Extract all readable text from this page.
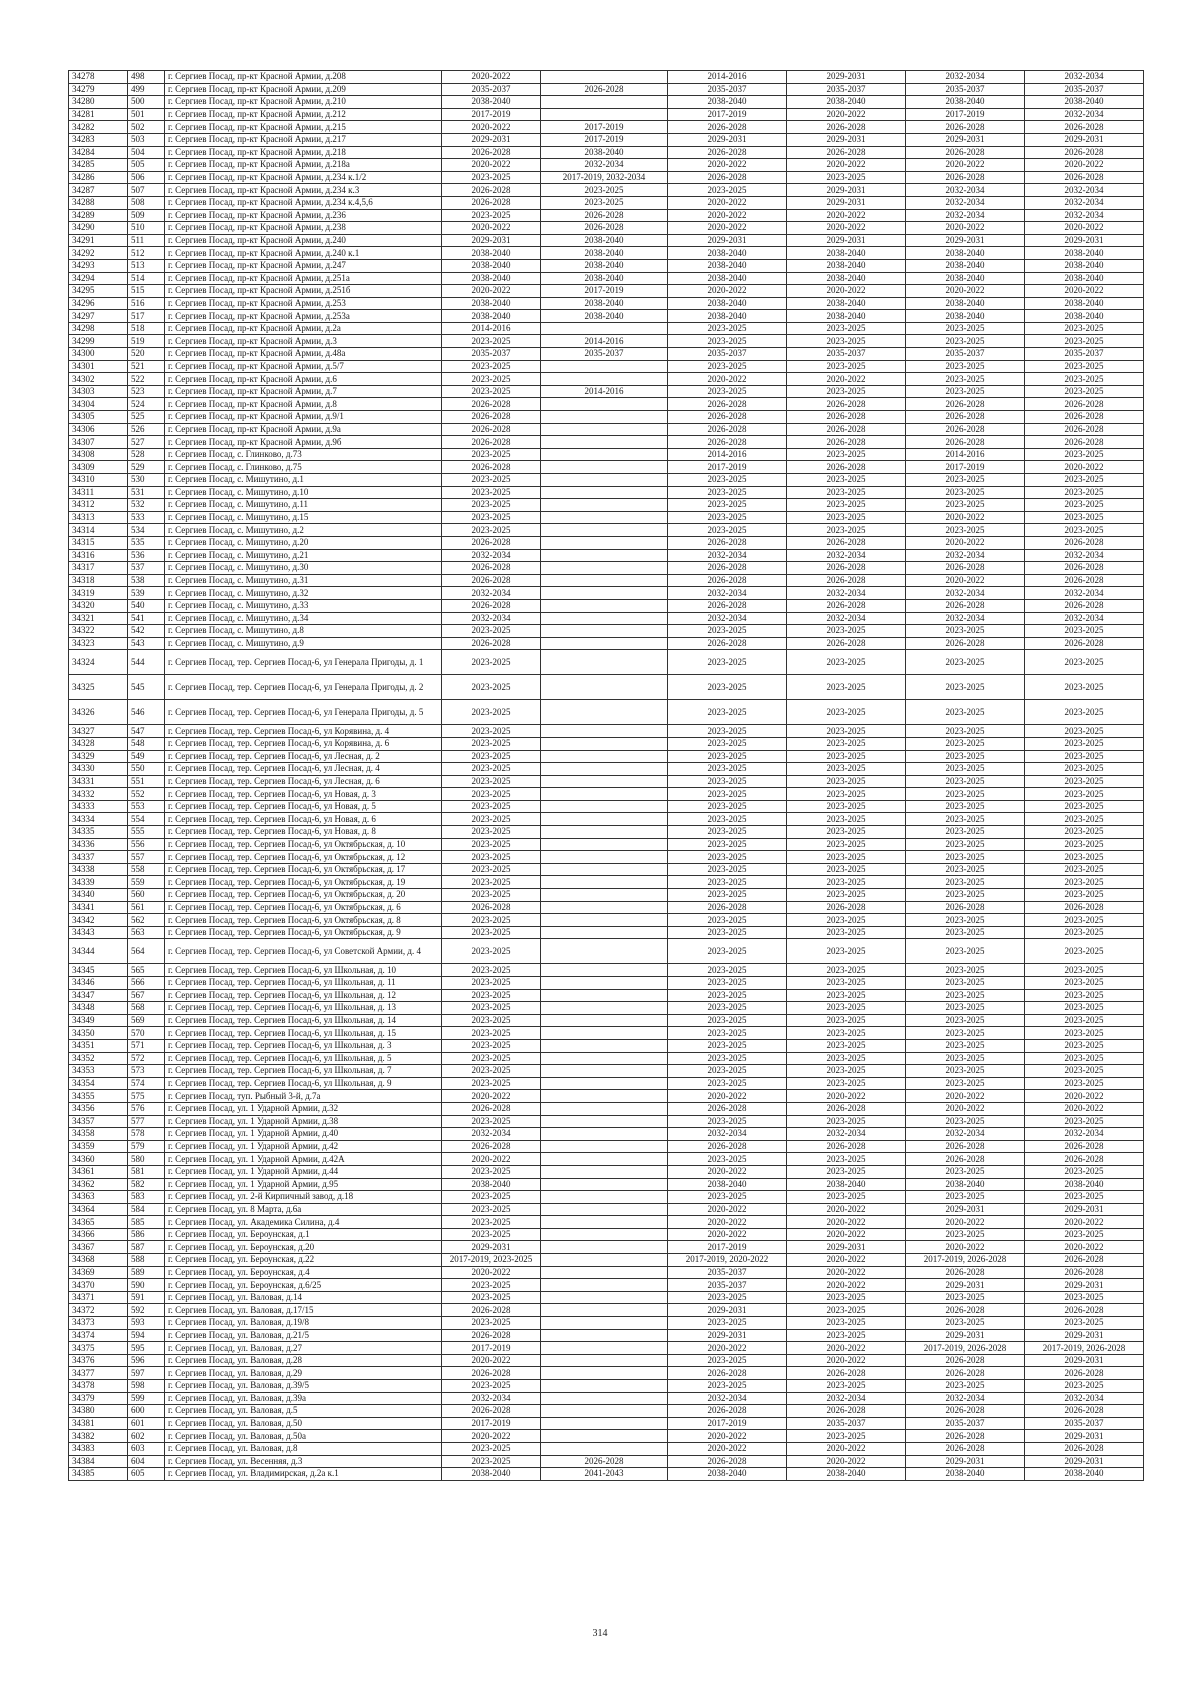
34278	498	г. Сергиев Посад, пр-кт Красной Армии, д.208	2020-2022		2014-2016	2029-2031	2032-2034	2032-2034
34279	499	г. Сергиев Посад, пр-кт Красной Армии, д.209	2035-2037	2026-2028	2035-2037	2035-2037	2035-2037	2035-2037
34280	500	г. Сергиев Посад, пр-кт Красной Армии, д.210	2038-2040		2038-2040	2038-2040	2038-2040	2038-2040
34281	501	г. Сергиев Посад, пр-кт Красной Армии, д.212	2017-2019		2017-2019	2020-2022	2017-2019	2032-2034
34282	502	г. Сергиев Посад, пр-кт Красной Армии, д.215	2020-2022	2017-2019	2026-2028	2026-2028	2026-2028	2026-2028
34283	503	г. Сергиев Посад, пр-кт Красной Армии, д.217	2029-2031	2017-2019	2029-2031	2029-2031	2029-2031	2029-2031
34284	504	г. Сергиев Посад, пр-кт Красной Армии, д.218	2026-2028	2038-2040	2026-2028	2026-2028	2026-2028	2026-2028
34285	505	г. Сергиев Посад, пр-кт Красной Армии, д.218а	2020-2022	2032-2034	2020-2022	2020-2022	2020-2022	2020-2022
34286	506	г. Сергиев Посад, пр-кт Красной Армии, д.234 к.1/2	2023-2025	2017-2019, 2032-2034	2026-2028	2023-2025	2026-2028	2026-2028
34287	507	г. Сергиев Посад, пр-кт Красной Армии, д.234 к.3	2026-2028	2023-2025	2023-2025	2029-2031	2032-2034	2032-2034
34288	508	г. Сергиев Посад, пр-кт Красной Армии, д.234 к.4,5,6	2026-2028	2023-2025	2020-2022	2029-2031	2032-2034	2032-2034
34289	509	г. Сергиев Посад, пр-кт Красной Армии, д.236	2023-2025	2026-2028	2020-2022	2020-2022	2032-2034	2032-2034
34290	510	г. Сергиев Посад, пр-кт Красной Армии, д.238	2020-2022	2026-2028	2020-2022	2020-2022	2020-2022	2020-2022
34291	511	г. Сергиев Посад, пр-кт Красной Армии, д.240	2029-2031	2038-2040	2029-2031	2029-2031	2029-2031	2029-2031
34292	512	г. Сергиев Посад, пр-кт Красной Армии, д.240 к.1	2038-2040	2038-2040	2038-2040	2038-2040	2038-2040	2038-2040
34293	513	г. Сергиев Посад, пр-кт Красной Армии, д.247	2038-2040	2038-2040	2038-2040	2038-2040	2038-2040	2038-2040
34294	514	г. Сергиев Посад, пр-кт Красной Армии, д.251а	2038-2040	2038-2040	2038-2040	2038-2040	2038-2040	2038-2040
34295	515	г. Сергиев Посад, пр-кт Красной Армии, д.251б	2020-2022	2017-2019	2020-2022	2020-2022	2020-2022	2020-2022
34296	516	г. Сергиев Посад, пр-кт Красной Армии, д.253	2038-2040	2038-2040	2038-2040	2038-2040	2038-2040	2038-2040
34297	517	г. Сергиев Посад, пр-кт Красной Армии, д.253а	2038-2040	2038-2040	2038-2040	2038-2040	2038-2040	2038-2040
34298	518	г. Сергиев Посад, пр-кт Красной Армии, д.2а	2014-2016		2023-2025	2023-2025	2023-2025	2023-2025
34299	519	г. Сергиев Посад, пр-кт Красной Армии, д.3	2023-2025	2014-2016	2023-2025	2023-2025	2023-2025	2023-2025
34300	520	г. Сергиев Посад, пр-кт Красной Армии, д.48а	2035-2037	2035-2037	2035-2037	2035-2037	2035-2037	2035-2037
34301	521	г. Сергиев Посад, пр-кт Красной Армии, д.5/7	2023-2025		2023-2025	2023-2025	2023-2025	2023-2025
34302	522	г. Сергиев Посад, пр-кт Красной Армии, д.6	2023-2025		2020-2022	2020-2022	2023-2025	2023-2025
34303	523	г. Сергиев Посад, пр-кт Красной Армии, д.7	2023-2025	2014-2016	2023-2025	2023-2025	2023-2025	2023-2025
34304	524	г. Сергиев Посад, пр-кт Красной Армии, д.8	2026-2028		2026-2028	2026-2028	2026-2028	2026-2028
34305	525	г. Сергиев Посад, пр-кт Красной Армии, д.9/1	2026-2028		2026-2028	2026-2028	2026-2028	2026-2028
34306	526	г. Сергиев Посад, пр-кт Красной Армии, д.9а	2026-2028		2026-2028	2026-2028	2026-2028	2026-2028
34307	527	г. Сергиев Посад, пр-кт Красной Армии, д.9б	2026-2028		2026-2028	2026-2028	2026-2028	2026-2028
34308	528	г. Сергиев Посад, с. Глинково, д.73	2023-2025		2014-2016	2023-2025	2014-2016	2023-2025
34309	529	г. Сергиев Посад, с. Глинково, д.75	2026-2028		2017-2019	2026-2028	2017-2019	2020-2022
34310	530	г. Сергиев Посад, с. Мишутино, д.1	2023-2025		2023-2025	2023-2025	2023-2025	2023-2025
34311	531	г. Сергиев Посад, с. Мишутино, д.10	2023-2025		2023-2025	2023-2025	2023-2025	2023-2025
34312	532	г. Сергиев Посад, с. Мишутино, д.11	2023-2025		2023-2025	2023-2025	2023-2025	2023-2025
34313	533	г. Сергиев Посад, с. Мишутино, д.15	2023-2025		2023-2025	2023-2025	2020-2022	2023-2025
34314	534	г. Сергиев Посад, с. Мишутино, д.2	2023-2025		2023-2025	2023-2025	2023-2025	2023-2025
34315	535	г. Сергиев Посад, с. Мишутино, д.20	2026-2028		2026-2028	2026-2028	2020-2022	2026-2028
34316	536	г. Сергиев Посад, с. Мишутино, д.21	2032-2034		2032-2034	2032-2034	2032-2034	2032-2034
34317	537	г. Сергиев Посад, с. Мишутино, д.30	2026-2028		2026-2028	2026-2028	2026-2028	2026-2028
34318	538	г. Сергиев Посад, с. Мишутино, д.31	2026-2028		2026-2028	2026-2028	2020-2022	2026-2028
34319	539	г. Сергиев Посад, с. Мишутино, д.32	2032-2034		2032-2034	2032-2034	2032-2034	2032-2034
34320	540	г. Сергиев Посад, с. Мишутино, д.33	2026-2028		2026-2028	2026-2028	2026-2028	2026-2028
34321	541	г. Сергиев Посад, с. Мишутино, д.34	2032-2034		2032-2034	2032-2034	2032-2034	2032-2034
34322	542	г. Сергиев Посад, с. Мишутино, д.8	2023-2025		2023-2025	2023-2025	2023-2025	2023-2025
34323	543	г. Сергиев Посад, с. Мишутино, д.9	2026-2028		2026-2028	2026-2028	2026-2028	2026-2028
34324	544	г. Сергиев Посад, тер. Сергиев Посад-6, ул Генерала Пригоды, д. 1	2023-2025		2023-2025	2023-2025	2023-2025	2023-2025
34325	545	г. Сергиев Посад, тер. Сергиев Посад-6, ул Генерала Пригоды, д. 2	2023-2025		2023-2025	2023-2025	2023-2025	2023-2025
34326	546	г. Сергиев Посад, тер. Сергиев Посад-6, ул Генерала Пригоды, д. 5	2023-2025		2023-2025	2023-2025	2023-2025	2023-2025
34327	547	г. Сергиев Посад, тер. Сергиев Посад-6, ул Корявина, д. 4	2023-2025		2023-2025	2023-2025	2023-2025	2023-2025
34328	548	г. Сергиев Посад, тер. Сергиев Посад-6, ул Корявина, д. 6	2023-2025		2023-2025	2023-2025	2023-2025	2023-2025
34329	549	г. Сергиев Посад, тер. Сергиев Посад-6, ул Лесная, д. 2	2023-2025		2023-2025	2023-2025	2023-2025	2023-2025
34330	550	г. Сергиев Посад, тер. Сергиев Посад-6, ул Лесная, д. 4	2023-2025		2023-2025	2023-2025	2023-2025	2023-2025
34331	551	г. Сергиев Посад, тер. Сергиев Посад-6, ул Лесная, д. 6	2023-2025		2023-2025	2023-2025	2023-2025	2023-2025
34332	552	г. Сергиев Посад, тер. Сергиев Посад-6, ул Новая, д. 3	2023-2025		2023-2025	2023-2025	2023-2025	2023-2025
34333	553	г. Сергиев Посад, тер. Сергиев Посад-6, ул Новая, д. 5	2023-2025		2023-2025	2023-2025	2023-2025	2023-2025
34334	554	г. Сергиев Посад, тер. Сергиев Посад-6, ул Новая, д. 6	2023-2025		2023-2025	2023-2025	2023-2025	2023-2025
34335	555	г. Сергиев Посад, тер. Сергиев Посад-6, ул Новая, д. 8	2023-2025		2023-2025	2023-2025	2023-2025	2023-2025
34336	556	г. Сергиев Посад, тер. Сергиев Посад-6, ул Октябрьская, д. 10	2023-2025		2023-2025	2023-2025	2023-2025	2023-2025
34337	557	г. Сергиев Посад, тер. Сергиев Посад-6, ул Октябрьская, д. 12	2023-2025		2023-2025	2023-2025	2023-2025	2023-2025
34338	558	г. Сергиев Посад, тер. Сергиев Посад-6, ул Октябрьская, д. 17	2023-2025		2023-2025	2023-2025	2023-2025	2023-2025
34339	559	г. Сергиев Посад, тер. Сергиев Посад-6, ул Октябрьская, д. 19	2023-2025		2023-2025	2023-2025	2023-2025	2023-2025
34340	560	г. Сергиев Посад, тер. Сергиев Посад-6, ул Октябрьская, д. 20	2023-2025		2023-2025	2023-2025	2023-2025	2023-2025
34341	561	г. Сергиев Посад, тер. Сергиев Посад-6, ул Октябрьская, д. 6	2026-2028		2026-2028	2026-2028	2026-2028	2026-2028
34342	562	г. Сергиев Посад, тер. Сергиев Посад-6, ул Октябрьская, д. 8	2023-2025		2023-2025	2023-2025	2023-2025	2023-2025
34343	563	г. Сергиев Посад, тер. Сергиев Посад-6, ул Октябрьская, д. 9	2023-2025		2023-2025	2023-2025	2023-2025	2023-2025
34344	564	г. Сергиев Посад, тер. Сергиев Посад-6, ул Советской Армии, д. 4	2023-2025		2023-2025	2023-2025	2023-2025	2023-2025
34345	565	г. Сергиев Посад, тер. Сергиев Посад-6, ул Школьная, д. 10	2023-2025		2023-2025	2023-2025	2023-2025	2023-2025
34346	566	г. Сергиев Посад, тер. Сергиев Посад-6, ул Школьная, д. 11	2023-2025		2023-2025	2023-2025	2023-2025	2023-2025
34347	567	г. Сергиев Посад, тер. Сергиев Посад-6, ул Школьная, д. 12	2023-2025		2023-2025	2023-2025	2023-2025	2023-2025
34348	568	г. Сергиев Посад, тер. Сергиев Посад-6, ул Школьная, д. 13	2023-2025		2023-2025	2023-2025	2023-2025	2023-2025
34349	569	г. Сергиев Посад, тер. Сергиев Посад-6, ул Школьная, д. 14	2023-2025		2023-2025	2023-2025	2023-2025	2023-2025
34350	570	г. Сергиев Посад, тер. Сергиев Посад-6, ул Школьная, д. 15	2023-2025		2023-2025	2023-2025	2023-2025	2023-2025
34351	571	г. Сергиев Посад, тер. Сергиев Посад-6, ул Школьная, д. 3	2023-2025		2023-2025	2023-2025	2023-2025	2023-2025
34352	572	г. Сергиев Посад, тер. Сергиев Посад-6, ул Школьная, д. 5	2023-2025		2023-2025	2023-2025	2023-2025	2023-2025
34353	573	г. Сергиев Посад, тер. Сергиев Посад-6, ул Школьная, д. 7	2023-2025		2023-2025	2023-2025	2023-2025	2023-2025
34354	574	г. Сергиев Посад, тер. Сергиев Посад-6, ул Школьная, д. 9	2023-2025		2023-2025	2023-2025	2023-2025	2023-2025
34355	575	г. Сергиев Посад, туп. Рыбный 3-й, д.7а	2020-2022		2020-2022	2020-2022	2020-2022	2020-2022
34356	576	г. Сергиев Посад, ул. 1 Ударной Армии, д.32	2026-2028		2026-2028	2026-2028	2020-2022	2020-2022
34357	577	г. Сергиев Посад, ул. 1 Ударной Армии, д.38	2023-2025		2023-2025	2023-2025	2023-2025	2023-2025
34358	578	г. Сергиев Посад, ул. 1 Ударной Армии, д.40	2032-2034		2032-2034	2032-2034	2032-2034	2032-2034
34359	579	г. Сергиев Посад, ул. 1 Ударной Армии, д.42	2026-2028		2026-2028	2026-2028	2026-2028	2026-2028
34360	580	г. Сергиев Посад, ул. 1 Ударной Армии, д.42А	2020-2022		2023-2025	2023-2025	2026-2028	2026-2028
34361	581	г. Сергиев Посад, ул. 1 Ударной Армии, д.44	2023-2025		2020-2022	2023-2025	2023-2025	2023-2025
34362	582	г. Сергиев Посад, ул. 1 Ударной Армии, д.95	2038-2040		2038-2040	2038-2040	2038-2040	2038-2040
34363	583	г. Сергиев Посад, ул. 2-й Кирпичный завод, д.18	2023-2025		2023-2025	2023-2025	2023-2025	2023-2025
34364	584	г. Сергиев Посад, ул. 8 Марта, д.6а	2023-2025		2020-2022	2020-2022	2029-2031	2029-2031
34365	585	г. Сергиев Посад, ул. Академика Силина, д.4	2023-2025		2020-2022	2020-2022	2020-2022	2020-2022
34366	586	г. Сергиев Посад, ул. Бероунская, д.1	2023-2025		2020-2022	2020-2022	2023-2025	2023-2025
34367	587	г. Сергиев Посад, ул. Бероунская, д.20	2029-2031		2017-2019	2029-2031	2020-2022	2020-2022
34368	588	г. Сергиев Посад, ул. Бероунская, д.22	2017-2019, 2023-2025		2017-2019, 2020-2022	2020-2022	2017-2019, 2026-2028	2026-2028
34369	589	г. Сергиев Посад, ул. Бероунская, д.4	2020-2022		2035-2037	2020-2022	2026-2028	2026-2028
34370	590	г. Сергиев Посад, ул. Бероунская, д.6/25	2023-2025		2035-2037	2020-2022	2029-2031	2029-2031
34371	591	г. Сергиев Посад, ул. Валовая, д.14	2023-2025		2023-2025	2023-2025	2023-2025	2023-2025
34372	592	г. Сергиев Посад, ул. Валовая, д.17/15	2026-2028		2029-2031	2023-2025	2026-2028	2026-2028
34373	593	г. Сергиев Посад, ул. Валовая, д.19/8	2023-2025		2023-2025	2023-2025	2023-2025	2023-2025
34374	594	г. Сергиев Посад, ул. Валовая, д.21/5	2026-2028		2029-2031	2023-2025	2029-2031	2029-2031
34375	595	г. Сергиев Посад, ул. Валовая, д.27	2017-2019		2020-2022	2020-2022	2017-2019, 2026-2028	2017-2019, 2026-2028
34376	596	г. Сергиев Посад, ул. Валовая, д.28	2020-2022		2023-2025	2020-2022	2026-2028	2029-2031
34377	597	г. Сергиев Посад, ул. Валовая, д.29	2026-2028		2026-2028	2026-2028	2026-2028	2026-2028
34378	598	г. Сергиев Посад, ул. Валовая, д.39/5	2023-2025		2023-2025	2023-2025	2023-2025	2023-2025
34379	599	г. Сергиев Посад, ул. Валовая, д.39а	2032-2034		2032-2034	2032-2034	2032-2034	2032-2034
34380	600	г. Сергиев Посад, ул. Валовая, д.5	2026-2028		2026-2028	2026-2028	2026-2028	2026-2028
34381	601	г. Сергиев Посад, ул. Валовая, д.50	2017-2019		2017-2019	2035-2037	2035-2037	2035-2037
34382	602	г. Сергиев Посад, ул. Валовая, д.50а	2020-2022		2020-2022	2023-2025	2026-2028	2029-2031
34383	603	г. Сергиев Посад, ул. Валовая, д.8	2023-2025		2020-2022	2020-2022	2026-2028	2026-2028
34384	604	г. Сергиев Посад, ул. Весенняя, д.3	2023-2025	2026-2028	2026-2028	2020-2022	2029-2031	2029-2031
34385	605	г. Сергиев Посад, ул. Владимирская, д.2а к.1	2038-2040	2041-2043	2038-2040	2038-2040	2038-2040	2038-2040
314
